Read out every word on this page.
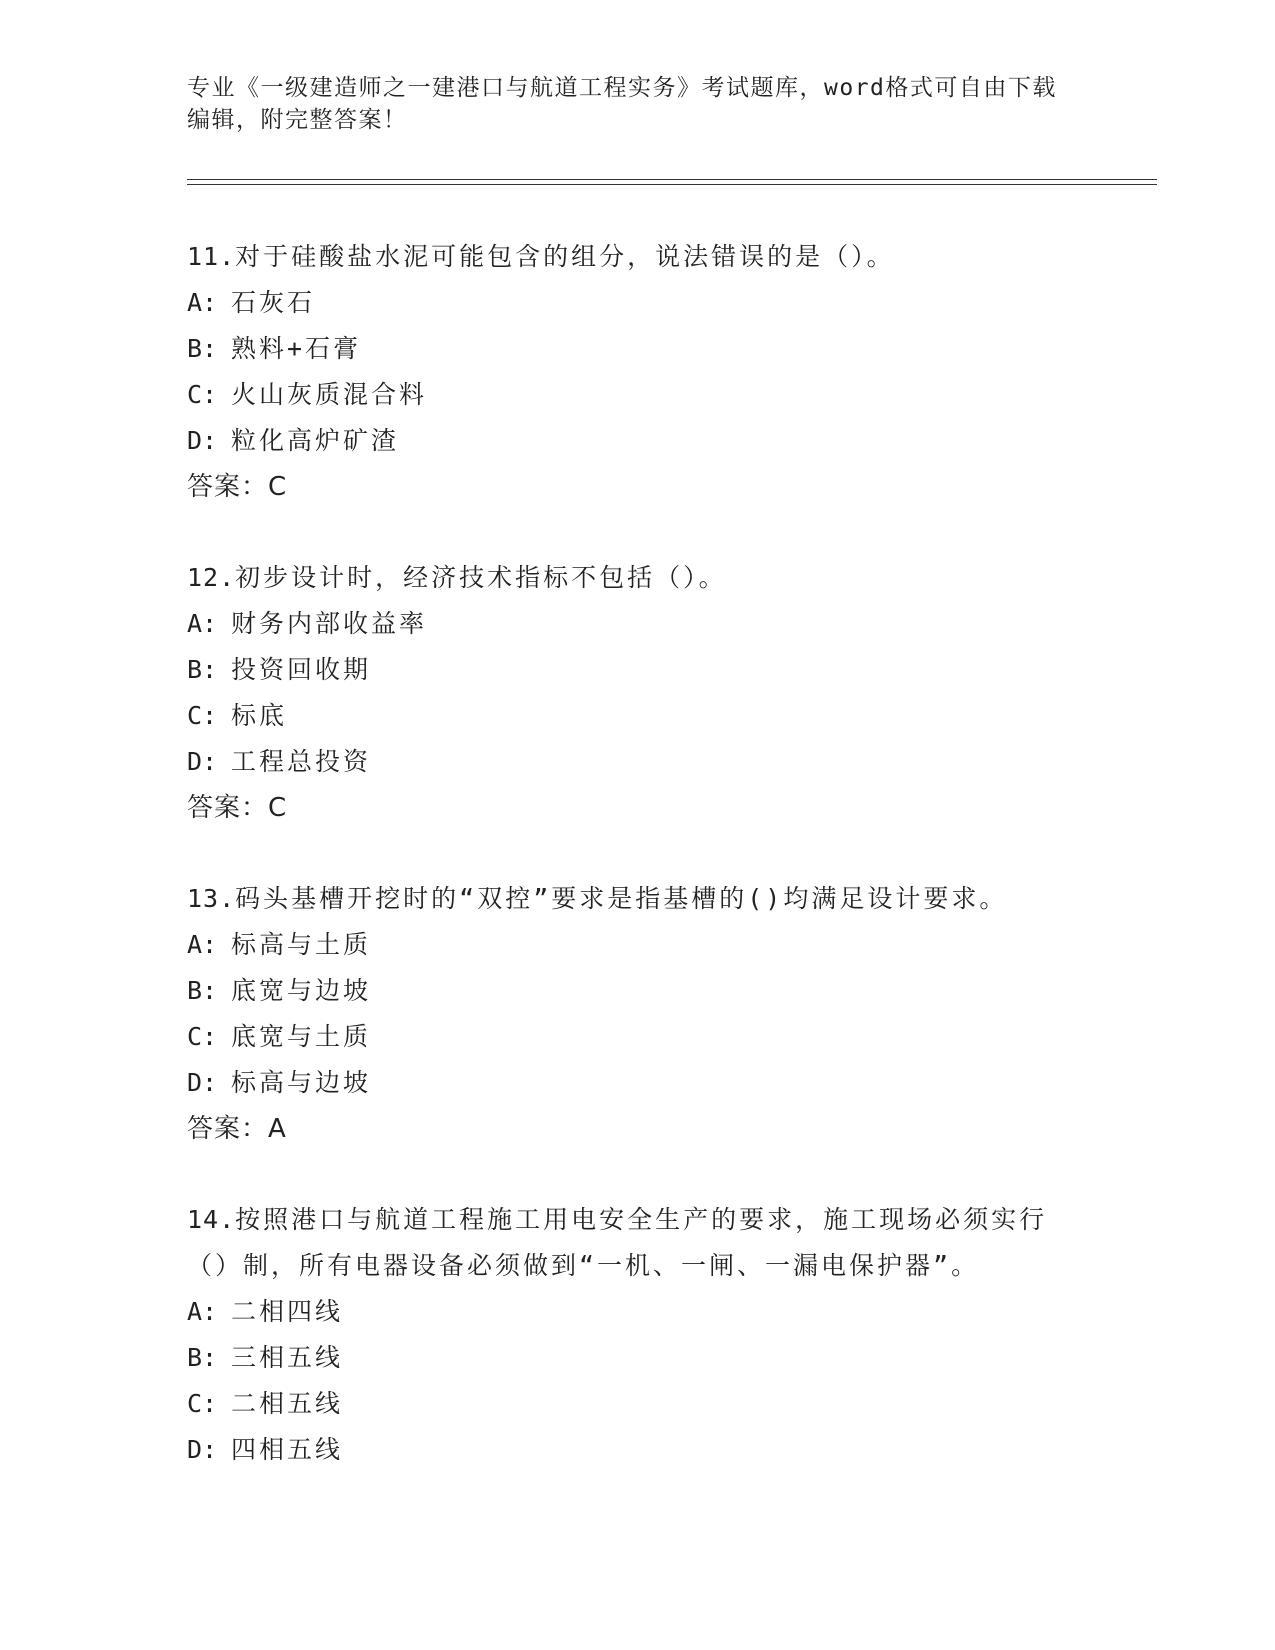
专业《一级建造师之一建港口与航道工程实务》考试题库，word格式可自由下载
编辑，附完整答案！
11.对于硅酸盐水泥可能包含的组分，说法错误的是（）。
A: 石灰石
B: 熟料+石膏
C: 火山灰质混合料
D: 粒化高炉矿渣
答案：C
12.初步设计时，经济技术指标不包括（）。
A: 财务内部收益率
B: 投资回收期
C: 标底
D: 工程总投资
答案：C
13.码头基槽开挖时的“双控”要求是指基槽的()均满足设计要求。
A: 标高与土质
B: 底宽与边坡
C: 底宽与土质
D: 标高与边坡
答案：A
14.按照港口与航道工程施工用电安全生产的要求，施工现场必须实行
（）制，所有电器设备必须做到“一机、一闸、一漏电保护器”。
A: 二相四线
B: 三相五线
C: 二相五线
D: 四相五线
